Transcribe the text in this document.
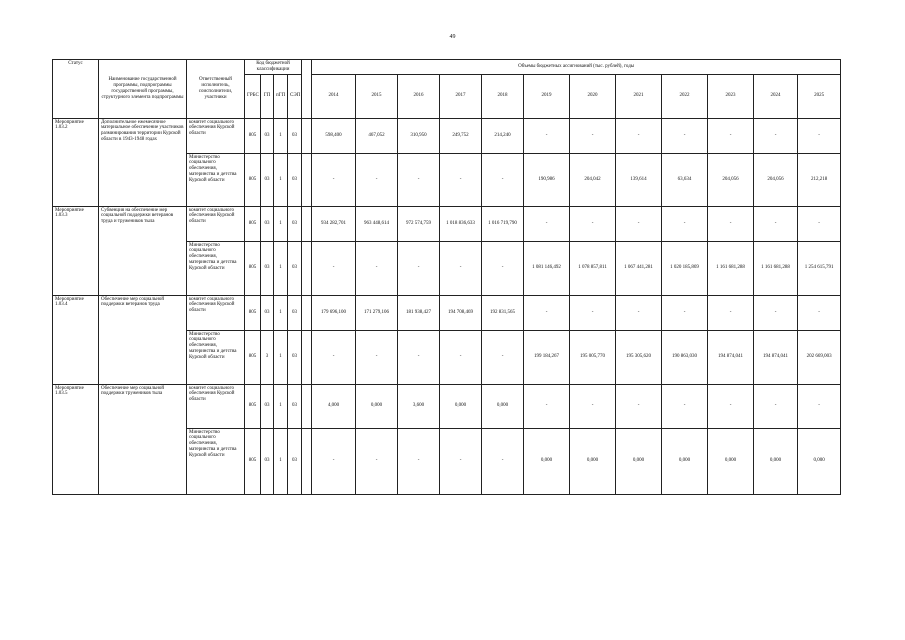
49
Статус	Наименование государственной программы, подпрограммы государственной программы, структурного элемента подпрограммы	Ответственный исполнитель, соисполнители, участники	Код бюджетной классификации					Объемы бюджетных ассигнований (тыс. рублей), годы											
			ГРБС	ГП	пГП	СЭП		2014	2015	2016	2017	2018	2019	2020	2021	2022	2023	2024	2025
Мероприятие 1.03.2	Дополнительное ежемесячное материальное обеспечение участников разминирования территории Курской области в 1943-1948 годах	комитет социального обеспечения Курской области	805	03	1	03		598,400	467,052	310,950	249,752	214,240	-	-	-	-	-	-	-
		Министерство социального обеспечения, материнства и детства Курской области	805	03	1	03		-	-	-	-	-	190,986	204,042	139,614	63,634	204,056	204,056	212,218
Мероприятие 1.03.3	Субвенция на обеспечение мер социальной поддержки ветеранов труда и тружеников тыла	комитет социального обеспечения Курской области	805	03	1	03		934 282,701	963 448,614	972 574,759	1 018 836,633	1 016 719,790	-	-	-	-	-	-	-
		Министерство социального обеспечения, материнства и детства Курской области	805	03	1	03		-	-	-	-	-	1 081 146,492	1 078 857,811	1 067 441,281	1 020 185,869	1 161 681,288	1 161 681,288	1 254 615,791
Мероприятие 1.03.4	Обеспечение мер социальной поддержки ветеранов труда	комитет социального обеспечения Курской области	805	03	1	03		179 696,100	171 279,106	181 938,427	194 708,469	192 831,565	-	-	-	-	-	-	-
		Министерство социального обеспечения, материнства и детства Курской области	805	3	1	03		-	-	-	-	-	199 184,267	195 005,770	195 305,620	190 863,030	194 874,041	194 874,041	202 669,003
Мероприятие 1.03.5	Обеспечение мер социальной поддержки тружеников тыла	комитет социального обеспечения Курской области	805	03	1	03		4,000	0,000	3,600	0,000	0,000	-	-	-	-	-	-	-
		Министерство социального обеспечения, материнства и детства Курской области	805	03	1	03		-	-	-	-	-	0,000	0,000	0,000	0,000	0,000	0,000	0,000
